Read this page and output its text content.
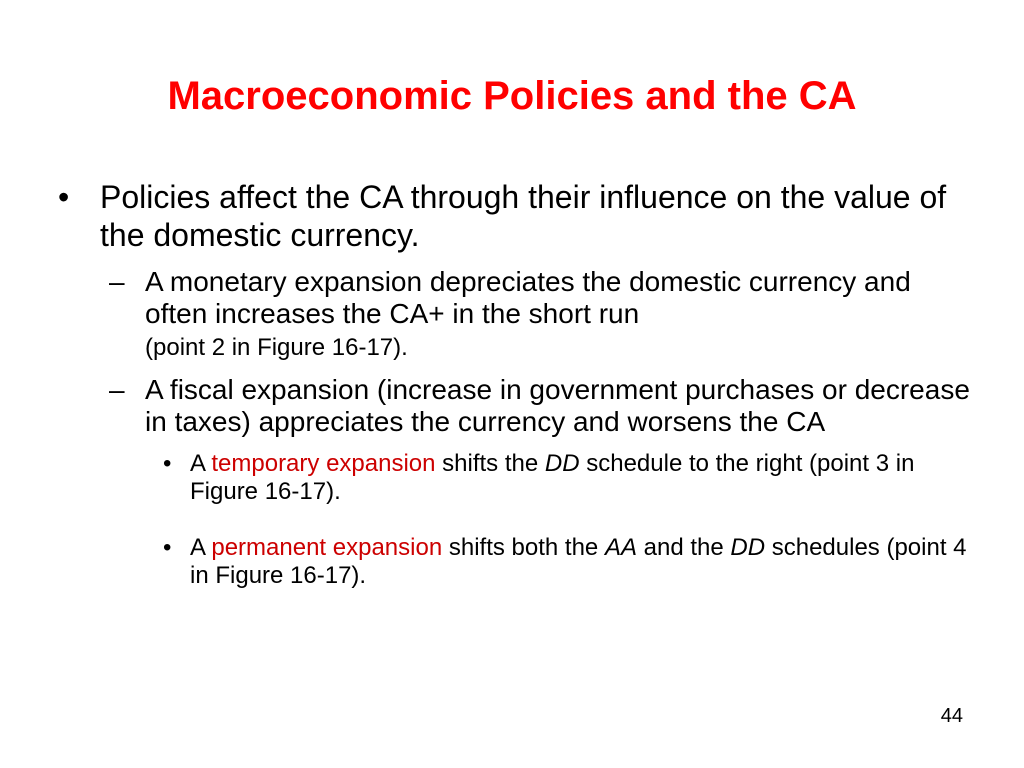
Macroeconomic Policies and the CA
• Policies affect the CA through their influence on the value of the domestic currency.
– A monetary expansion depreciates the domestic currency and often increases the CA+ in the short run
(point 2 in Figure 16-17).
– A fiscal expansion (increase in government purchases or decrease in taxes) appreciates the currency and worsens the CA
• A temporary expansion shifts the DD schedule to the right (point 3 in Figure 16-17).
• A permanent expansion shifts both the AA and the DD schedules (point 4 in Figure 16-17).
44
